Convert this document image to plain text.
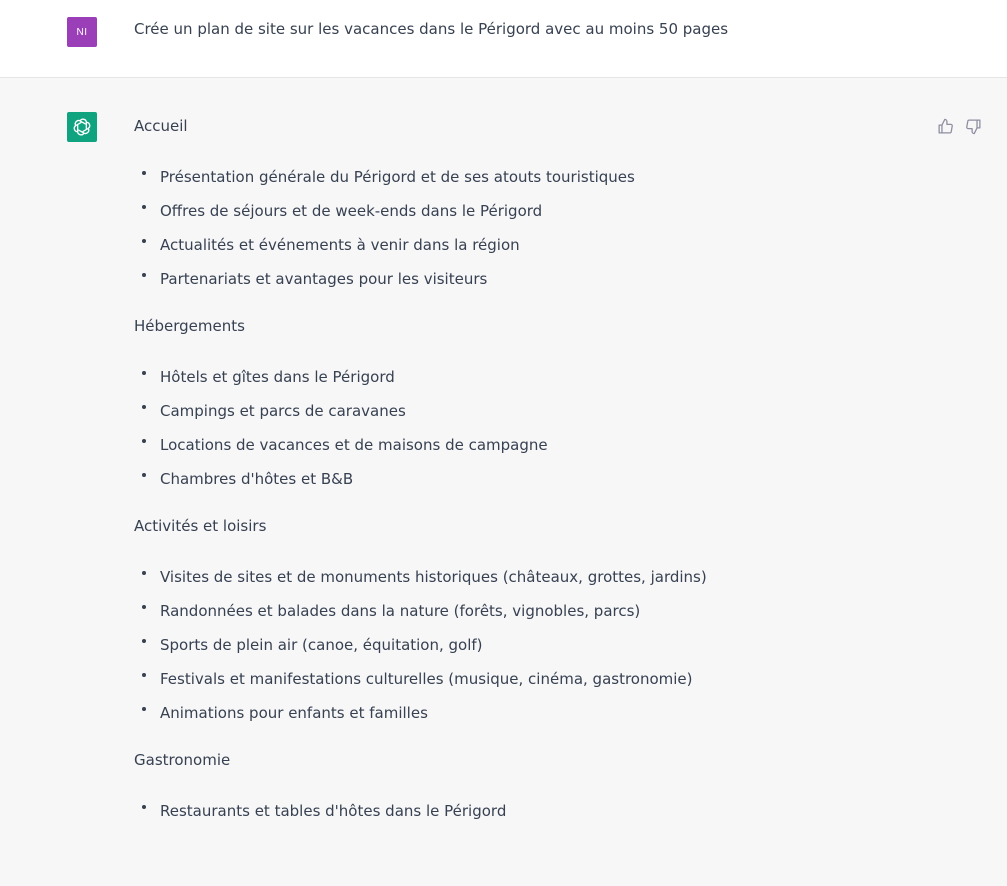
NI	Crée un plan de site sur les vacances dans le Périgord avec au moins 50 pages
Accueil
Présentation générale du Périgord et de ses atouts touristiques
Offres de séjours et de week-ends dans le Périgord
Actualités et événements à venir dans la région
Partenariats et avantages pour les visiteurs
Hébergements
Hôtels et gîtes dans le Périgord
Campings et parcs de caravanes
Locations de vacances et de maisons de campagne
Chambres d'hôtes et B&B
Activités et loisirs
Visites de sites et de monuments historiques (châteaux, grottes, jardins)
Randonnées et balades dans la nature (forêts, vignobles, parcs)
Sports de plein air (canoe, équitation, golf)
Festivals et manifestations culturelles (musique, cinéma, gastronomie)
Animations pour enfants et familles
Gastronomie
Restaurants et tables d'hôtes dans le Périgord
